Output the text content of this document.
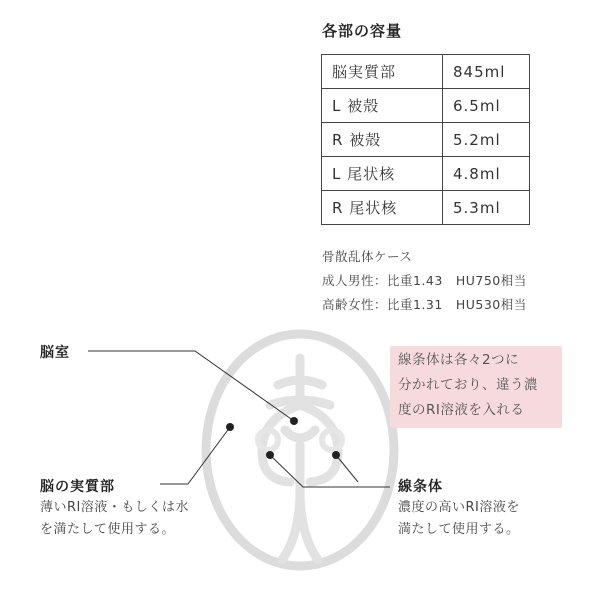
各部の容量
脳実質部	845ml
L 被殻	6.5ml
R 被殻	5.2ml
L 尾状核	4.8ml
R 尾状核	5.3ml
骨散乱体ケース
成人男性：比重1.43　HU750相当
高齢女性：比重1.31　HU530相当
脳室
脳の実質部
薄いRI溶液・もしくは水
を満たして使用する。
線条体
濃度の高いRI溶液を
満たして使用する。
線条体は各々2つに
分かれており、違う濃
度のRI溶液を入れる
